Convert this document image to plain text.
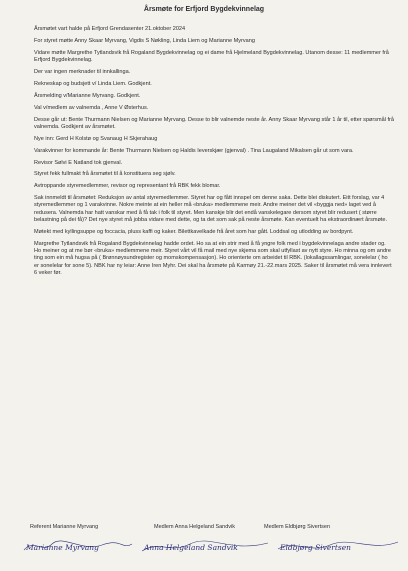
Årsmøte for Erfjord Bygdekvinnelag

Årsmøtet vart halde på Erfjord Grendasenter 21.oktober 2024

For styret møtte Anny Skaar Myrvang, Vigdis S Nøkling, Linda Liem og Marianne Myrvang

Vidare møtte Margrethe Tytlandsvik frå Rogaland Bygdekvinnelag og ei dame frå Hjelmeland Bygdekvinnelag. Utanom desse: 11 medlemmer frå Erfjord Bygdekvinnelag.

Der var ingen merknader til innkallinga.

Rekneskap og budsjett v/ Linda Liem. Godkjent.

Årsmelding v/Marianne Myrvang. Godkjent.

Val v/medlem av valnemda , Anne V Østerhus.

Desse går ut: Bente Thurmann Nielsen og Marianne Myrvang. Desse to blir valnemde neste år. Anny Skaar Myrvang står 1 år til, etter spørsmål frå valnemda. Godkjent av årsmøtet.

Nye inn: Gerd H Kolstø og Svanaug H Skjerahaug

Varakvinner for kommande år: Bente Thurmann Nielsen og Haldis Ieverskjær (gjenval) . Tina Laugaland Mikalsen går ut som vara.

Revisor Sølvi E Natland tok gjenval.

Styret fekk fullmakt frå årsmøtet til å konstituera seg sjølv.

Avtroppande styremedlemmer, revisor og representant frå RBK fekk blomar.

Sak innmeldt til årsmøtet: Reduksjon av antal styremedlemmer. Styret har og fått innspel om denne saka. Dette blei diskutert. Eitt forslag, var 4 styremedlemmer og 1 varakvinne. Nokre meinte at ein heller må «bruka» medlemmene meir. Andre meiner det vil «byggja ned» laget ved å redusera. Valnemda har hatt vanskar med å få tak i folk til styret. Men kanskje blir det endå vanskelegare dersom styret blir redusert ( større belastning på dei få)? Det nye styret må jobba vidare med dette, og ta det som sak på neste årsmøte. Kan eventuelt ha ekstraordinært årsmøte.

Møtekt med kyllingsuppe og foccacia, pluss kaffi og kaker. Bilettkavelkade frå året som har gått. Loddsal og utlodding av bordpynt.

Margrethe Tytlandsvik frå Rogaland Bygdekvinnelag hadde ordet. Ho sa at ein strir med å få yngre folk med i bygdekvinnelaga andre stader og. Ho meiner og at me bør «bruka» medlemmene meir. Styret vårt vil få mail med nye skjema som skal utfyllast av nytt styre. Ho minna og om andre ting som ein må hugsa på ( Brønnøysundregister og momskompensasjon). Ho orienterte om arbeidet til RBK. (lokallagssamlingar, sonelelar ( ho er sonelelar for sone 5). NBK har ny leiar: Anne Iren Myhr. Dei skal ha årsmøte på Karmøy 21.-22.mars 2025. Saker til årsmøtet må vera innlevert 6 veker før.

Referent Marianne Myrvang	Medlem Anna Helgeland Sandvik	Medlem Eldbjørg Sivertsen
Marianne Myrvang	Anna Helgeland Sandvik	Eldbjørg Sivertsen
